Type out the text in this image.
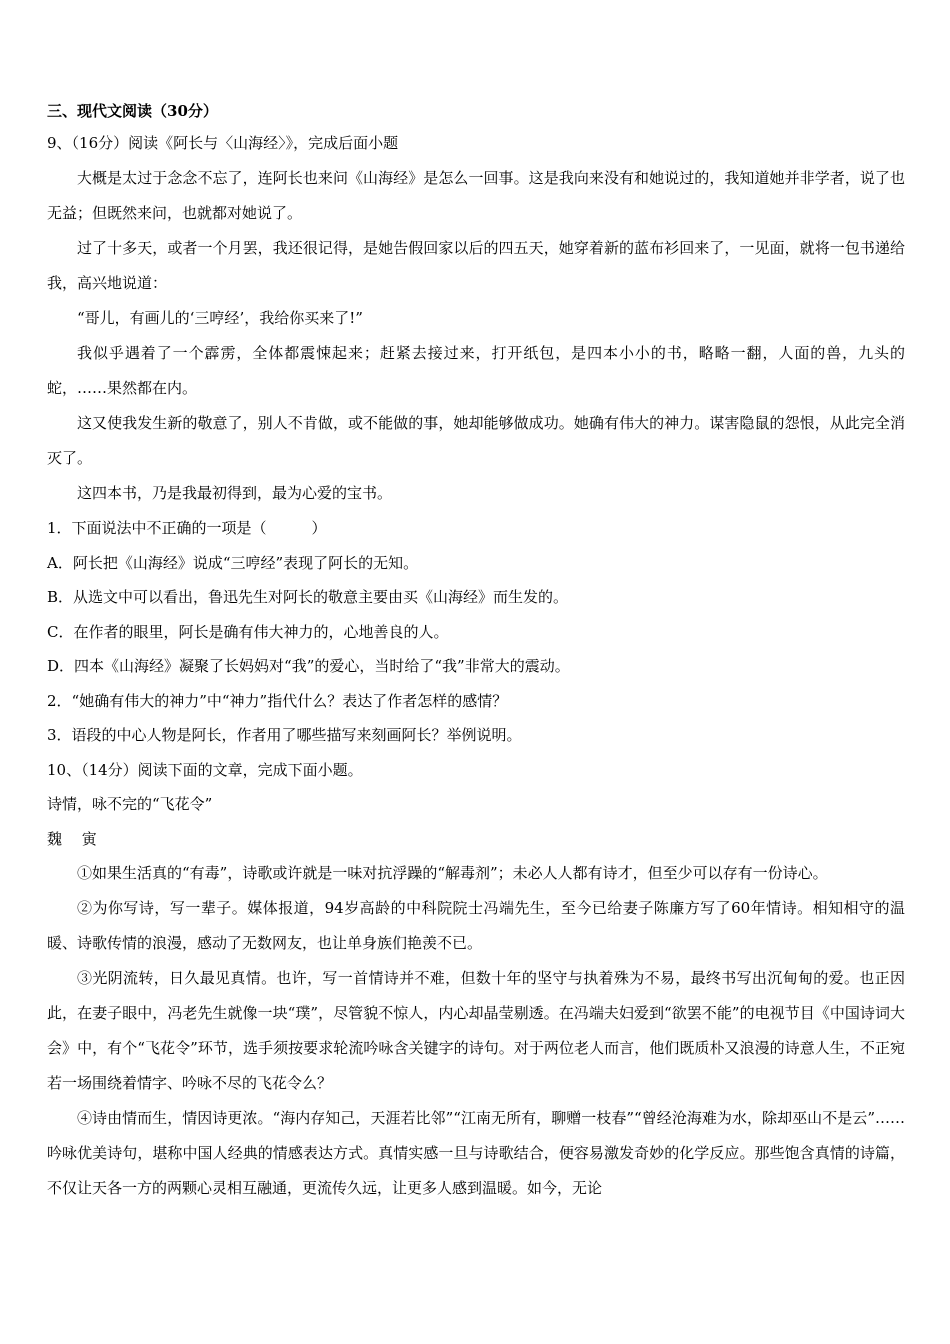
三、现代文阅读（30分）
9、（16分）阅读《阿长与〈山海经〉》，完成后面小题
大概是太过于念念不忘了，连阿长也来问《山海经》是怎么一回事。这是我向来没有和她说过的，我知道她并非学者，说了也无益；但既然来问，也就都对她说了。
过了十多天，或者一个月罢，我还很记得，是她告假回家以后的四五天，她穿着新的蓝布衫回来了，一见面，就将一包书递给我，高兴地说道：
“哥儿，有画儿的‘三哼经’，我给你买来了!”
我似乎遇着了一个霹雳，全体都震悚起来；赶紧去接过来，打开纸包，是四本小小的书，略略一翻，人面的兽，九头的蛇，……果然都在内。
这又使我发生新的敬意了，别人不肯做，或不能做的事，她却能够做成功。她确有伟大的神力。谋害隐鼠的怨恨，从此完全消灭了。
这四本书，乃是我最初得到，最为心爱的宝书。
1．下面说法中不正确的一项是（　　　）
A．阿长把《山海经》说成“三哼经”表现了阿长的无知。
B．从选文中可以看出，鲁迅先生对阿长的敬意主要由买《山海经》而生发的。
C．在作者的眼里，阿长是确有伟大神力的，心地善良的人。
D．四本《山海经》凝聚了长妈妈对“我”的爱心，当时给了“我”非常大的震动。
2．“她确有伟大的神力”中“神力”指代什么？表达了作者怎样的感情？
3．语段的中心人物是阿长，作者用了哪些描写来刻画阿长？举例说明。
10、（14分）阅读下面的文章，完成下面小题。
诗情，咏不完的“飞花令”
魏 寅
①如果生活真的“有毒”，诗歌或许就是一味对抗浮躁的“解毒剂”；未必人人都有诗才，但至少可以存有一份诗心。
②为你写诗，写一辈子。媒体报道，94岁高龄的中科院院士冯端先生，至今已给妻子陈廉方写了60年情诗。相知相守的温暖、诗歌传情的浪漫，感动了无数网友，也让单身族们艳羡不已。
③光阴流转，日久最见真情。也许，写一首情诗并不难，但数十年的坚守与执着殊为不易，最终书写出沉甸甸的爱。也正因此，在妻子眼中，冯老先生就像一块“璞”，尽管貌不惊人，内心却晶莹剔透。在冯端夫妇爱到“欲罢不能”的电视节目《中国诗词大会》中，有个“飞花令”环节，选手须按要求轮流吟咏含关键字的诗句。对于两位老人而言，他们既质朴又浪漫的诗意人生，不正宛若一场围绕着情字、吟咏不尽的飞花令么？
④诗由情而生，情因诗更浓。“海内存知己，天涯若比邻”“江南无所有，聊赠一枝春”“曾经沧海难为水，除却巫山不是云”……吟咏优美诗句，堪称中国人经典的情感表达方式。真情实感一旦与诗歌结合，便容易激发奇妙的化学反应。那些饱含真情的诗篇，不仅让天各一方的两颗心灵相互融通，更流传久远，让更多人感到温暖。如今，无论
